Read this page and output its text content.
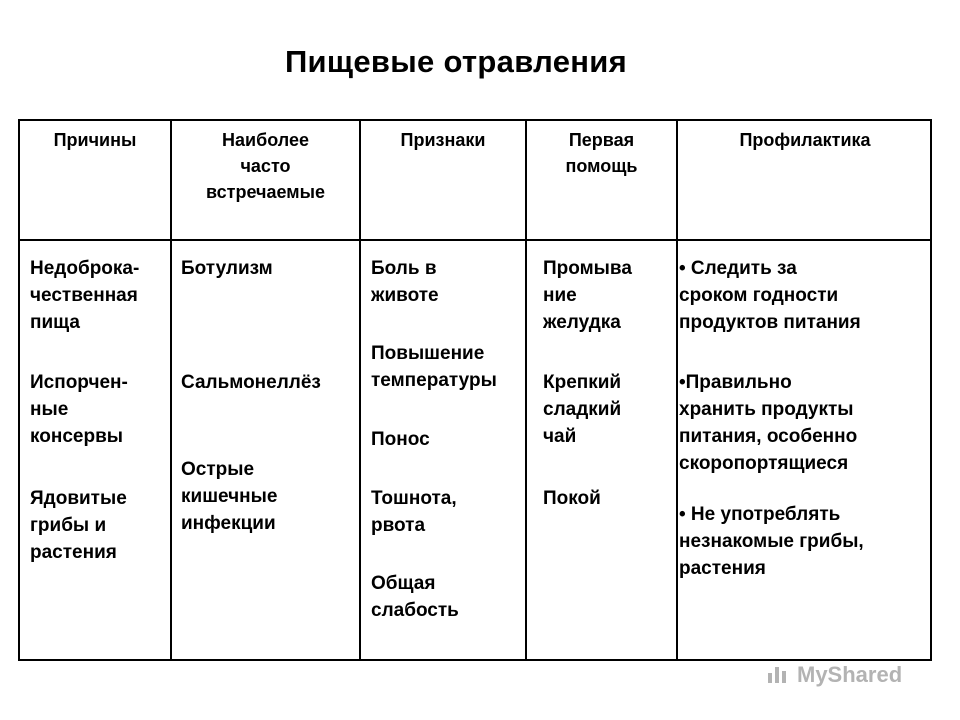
Пищевые отравления
Причины	Наиболее
часто
встречаемые
Признаки	Первая
помощь
Профилактика

Недоброка-
чественная
пища

Испорчен-
ные
консервы

Ядовитые
грибы и
растения

Ботулизм

Сальмонеллёз

Острые
кишечные
инфекции

Боль в
животе

Повышение
температуры

Понос

Тошнота,
рвота

Общая
слабость

Промыва
ние
желудка

Крепкий
сладкий
чай

Покой

• Следить за
сроком годности
продуктов питания

•Правильно
хранить продукты
питания, особенно
скоропортящиеся

• Не употреблять
незнакомые грибы,
растения

MyShared
